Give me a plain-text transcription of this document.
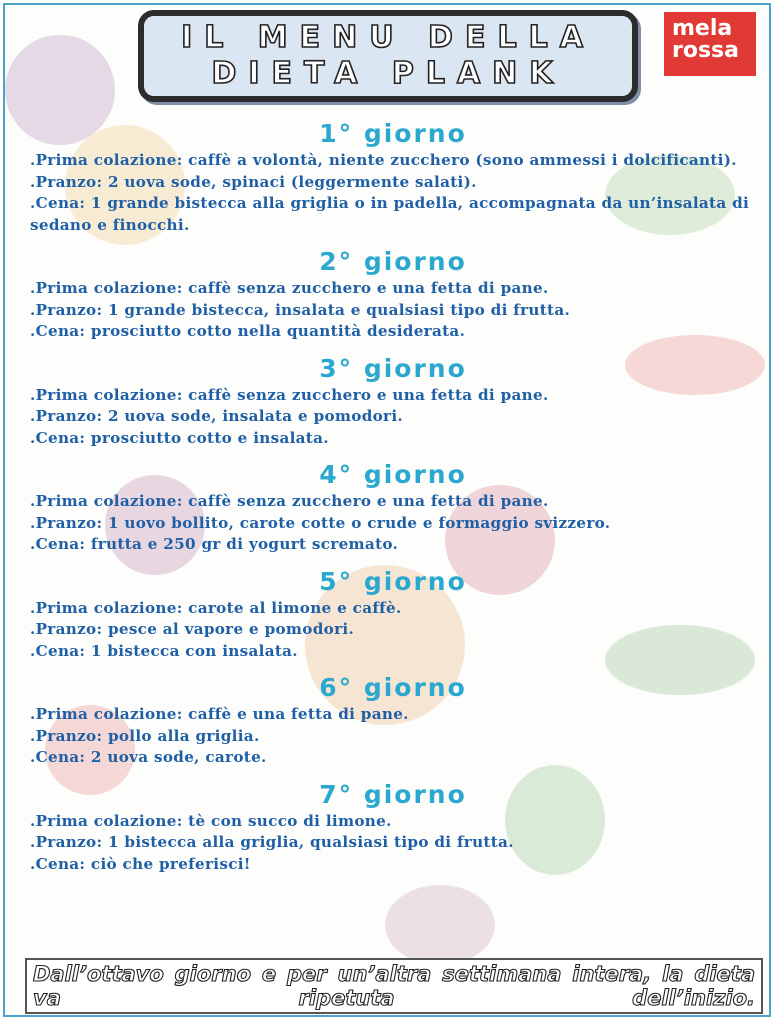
IL MENU DELLA
DIETA PLANK
mela
rossa
1° giorno
.Prima colazione: caffè a volontà, niente zucchero (sono ammessi i dolcificanti).
.Pranzo: 2 uova sode, spinaci (leggermente salati).
.Cena: 1 grande bistecca alla griglia o in padella, accompagnata da un’insalata di sedano e finocchi.
2° giorno
.Prima colazione: caffè senza zucchero e una fetta di pane.
.Pranzo: 1 grande bistecca, insalata e qualsiasi tipo di frutta.
.Cena: prosciutto cotto nella quantità desiderata.
3° giorno
.Prima colazione: caffè senza zucchero e una fetta di pane.
.Pranzo: 2 uova sode, insalata e pomodori.
.Cena: prosciutto cotto e insalata.
4° giorno
.Prima colazione: caffè senza zucchero e una fetta di pane.
.Pranzo: 1 uovo bollito, carote cotte o crude e formaggio svizzero.
.Cena: frutta e 250 gr di yogurt scremato.
5° giorno
.Prima colazione: carote al limone e caffè.
.Pranzo: pesce al vapore e pomodori.
.Cena: 1 bistecca con insalata.
6° giorno
.Prima colazione: caffè e una fetta di pane.
.Pranzo: pollo alla griglia.
.Cena: 2 uova sode, carote.
7° giorno
.Prima colazione: tè con succo di limone.
.Pranzo: 1 bistecca alla griglia, qualsiasi tipo di frutta.
.Cena: ciò che preferisci!
Dall’ottavo giorno e per un’altra settimana intera, la dieta va ripetuta dell’inizio.
